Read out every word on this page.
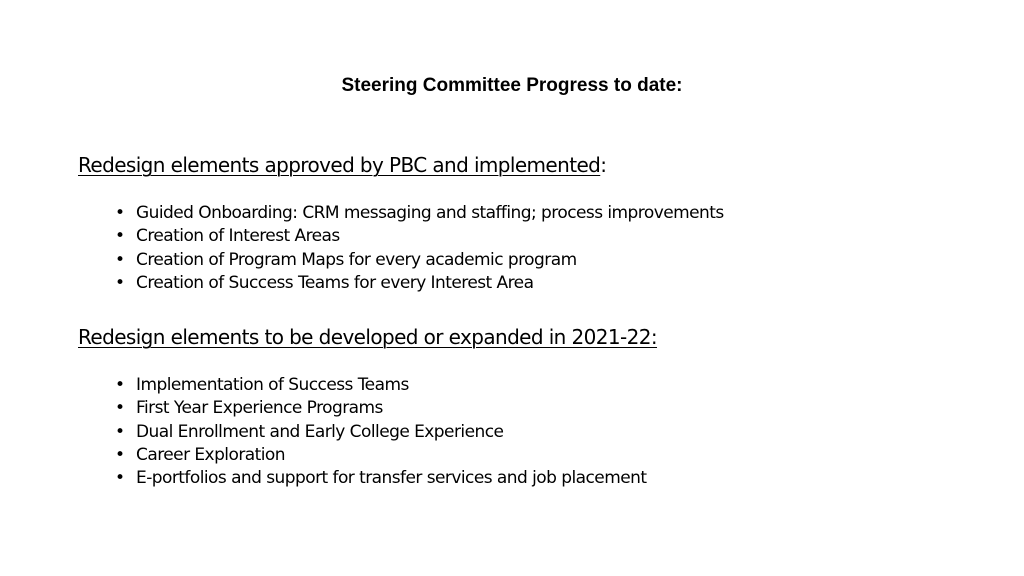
Steering Committee Progress to date:
Redesign elements approved by PBC and implemented:
• Guided Onboarding: CRM messaging and staffing; process improvements
• Creation of Interest Areas
• Creation of Program Maps for every academic program
• Creation of Success Teams for every Interest Area
Redesign elements to be developed or expanded in 2021-22:
• Implementation of Success Teams
• First Year Experience Programs
• Dual Enrollment and Early College Experience
• Career Exploration
• E-portfolios and support for transfer services and job placement
